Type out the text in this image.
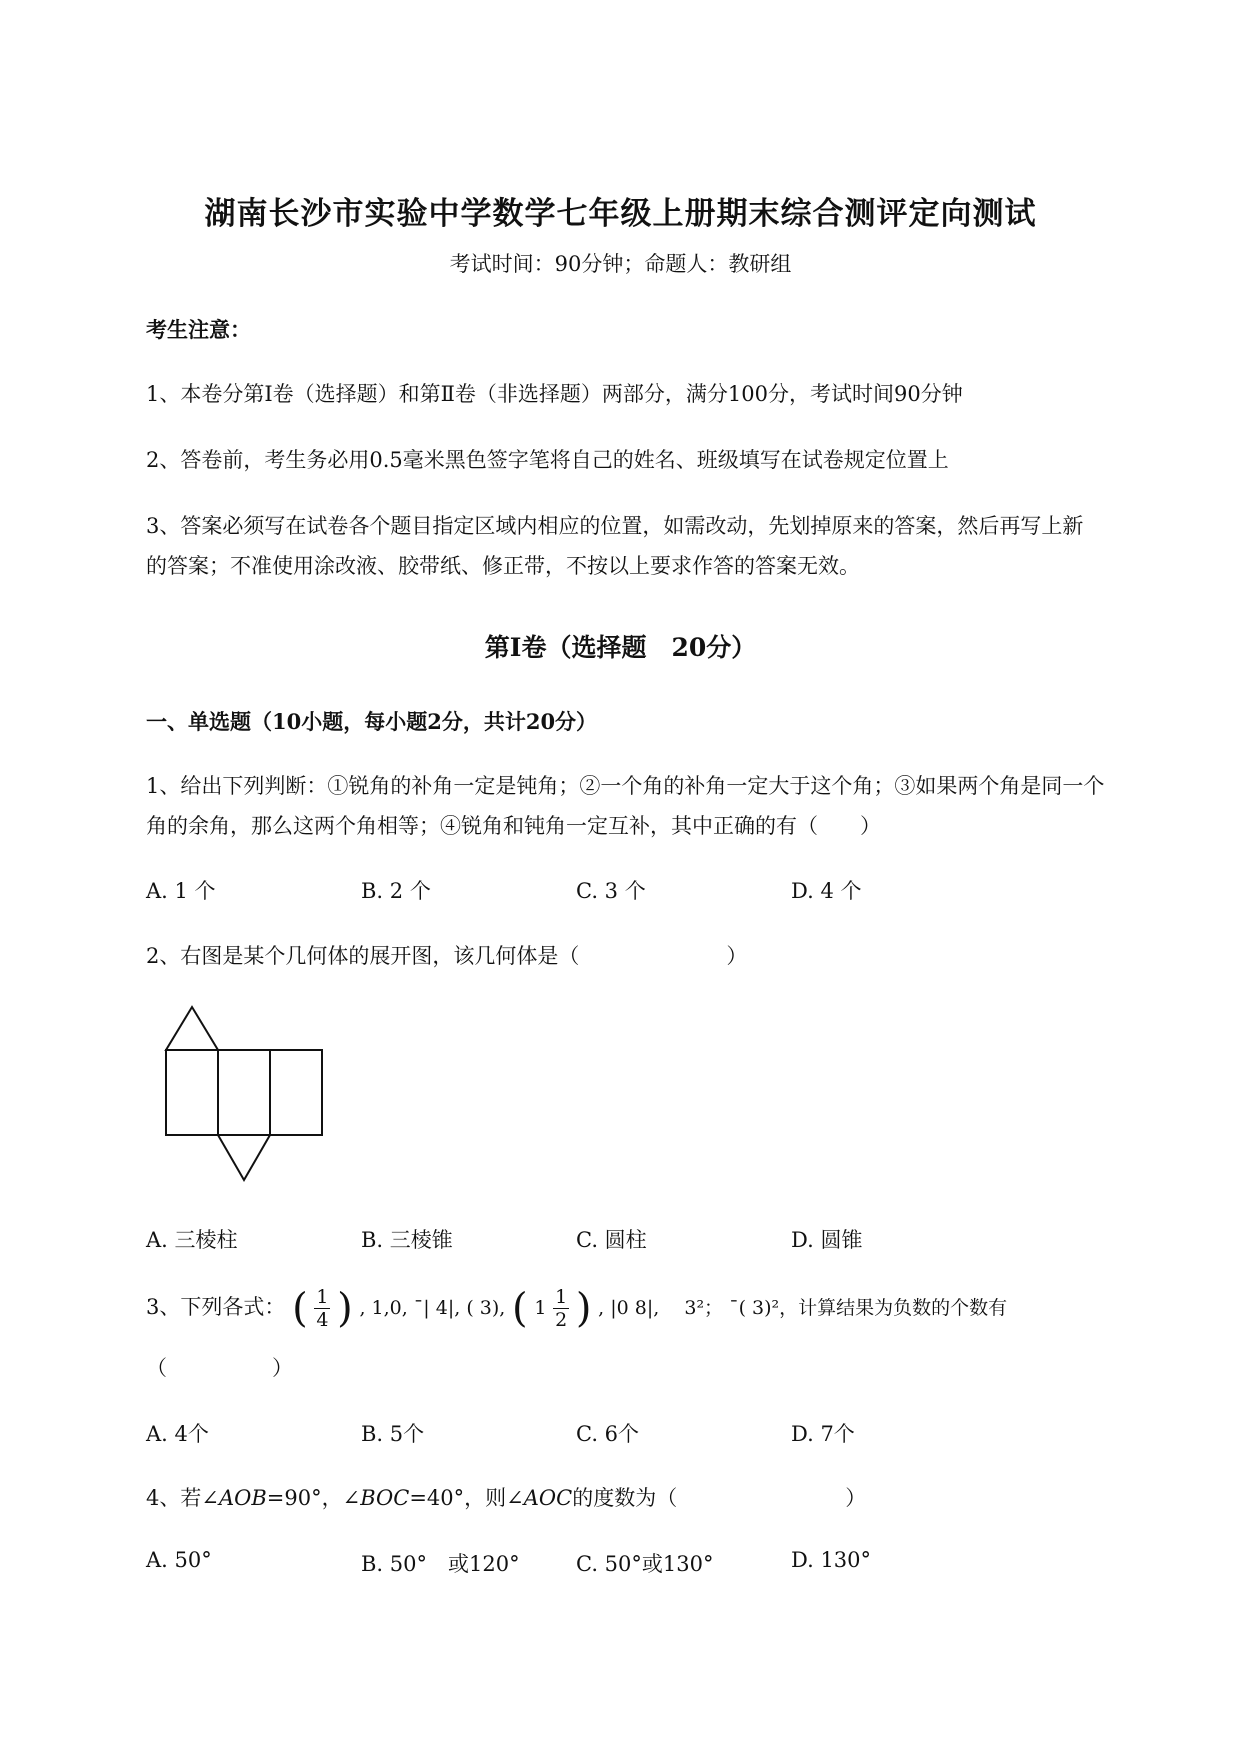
湖南长沙市实验中学数学七年级上册期末综合测评定向测试
考试时间：90分钟；命题人：教研组
考生注意：
1、本卷分第I卷（选择题）和第Ⅱ卷（非选择题）两部分，满分100分，考试时间90分钟
2、答卷前，考生务必用0.5毫米黑色签字笔将自己的姓名、班级填写在试卷规定位置上
3、答案必须写在试卷各个题目指定区域内相应的位置，如需改动，先划掉原来的答案，然后再写上新
的答案；不准使用涂改液、胶带纸、修正带，不按以上要求作答的答案无效。
第I卷（选择题　20分）
一、单选题（10小题，每小题2分，共计20分）
1、给出下列判断：①锐角的补角一定是钝角；②一个角的补角一定大于这个角；③如果两个角是同一个
角的余角，那么这两个角相等；④锐角和钝角一定互补，其中正确的有（　　）
A. 1 个	B. 2 个	C. 3 个	D. 4 个
2、右图是某个几何体的展开图，该几何体是（　　　　　　　）
A. 三棱柱	B. 三棱锥	C. 圆柱	D. 圆锥
3、下列各式： ( $\frac{1}{4}$ ) , 1,0, ¯| 4|, ( 3), ( $1 \frac{1}{2}$ ) , |0 8|,　 3²； ¯( 3)²，计算结果为负数的个数有
（　　　　　）
A. 4个	B. 5个	C. 6个	D. 7个
4、若∠AOB=90°，∠BOC=40°，则∠AOC的度数为（　　　　　　　　）
A. 50°	B. 50°　或120°	C. 50°或130°	D. 130°
